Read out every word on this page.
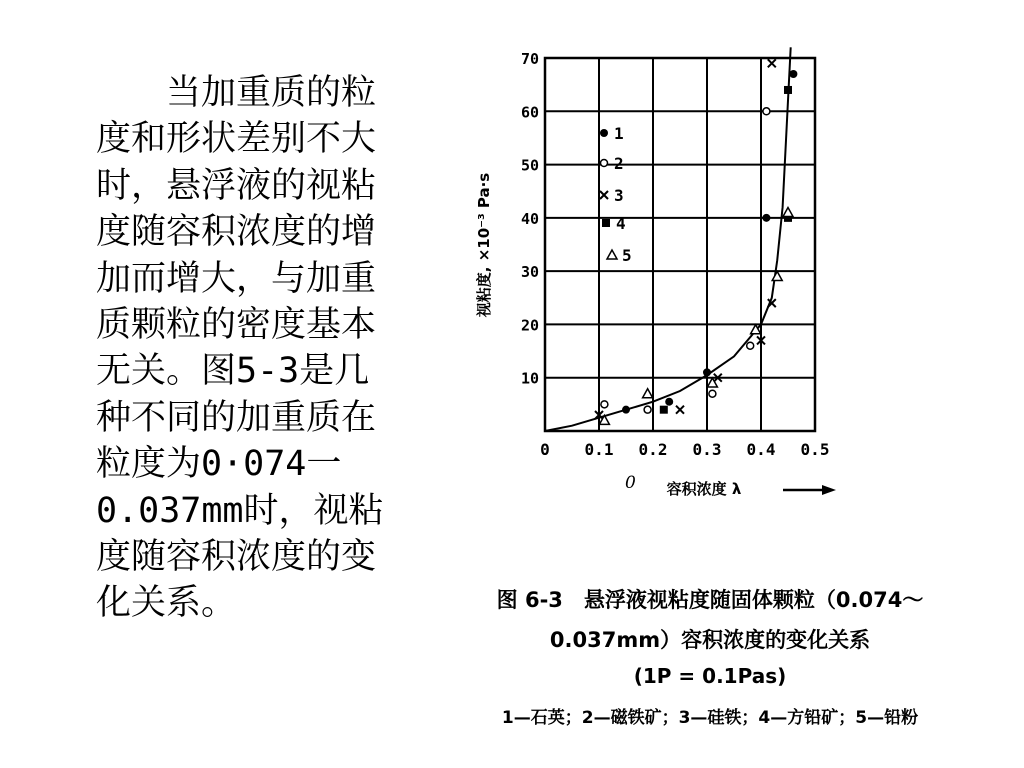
　　当加重质的粒度和形状差别不大时，悬浮液的视粘度随容积浓度的增加而增大，与加重质颗粒的密度基本无关。图5-3是几种不同的加重质在粒度为0·074一0.037mm时，视粘度随容积浓度的变化关系。
10
20
30
40
50
60
70
0 0.1 0.2 0.3 0.4 0.5
1
2
3
4
5
视粘度, ×10⁻³ Pa·s
0 容积浓度 λ
图 6-3　悬浮液视粘度随固体颗粒（0.074～
0.037mm）容积浓度的变化关系
(1P = 0.1Pas)
1—石英；2—磁铁矿；3—硅铁；4—方铅矿；5—铅粉
